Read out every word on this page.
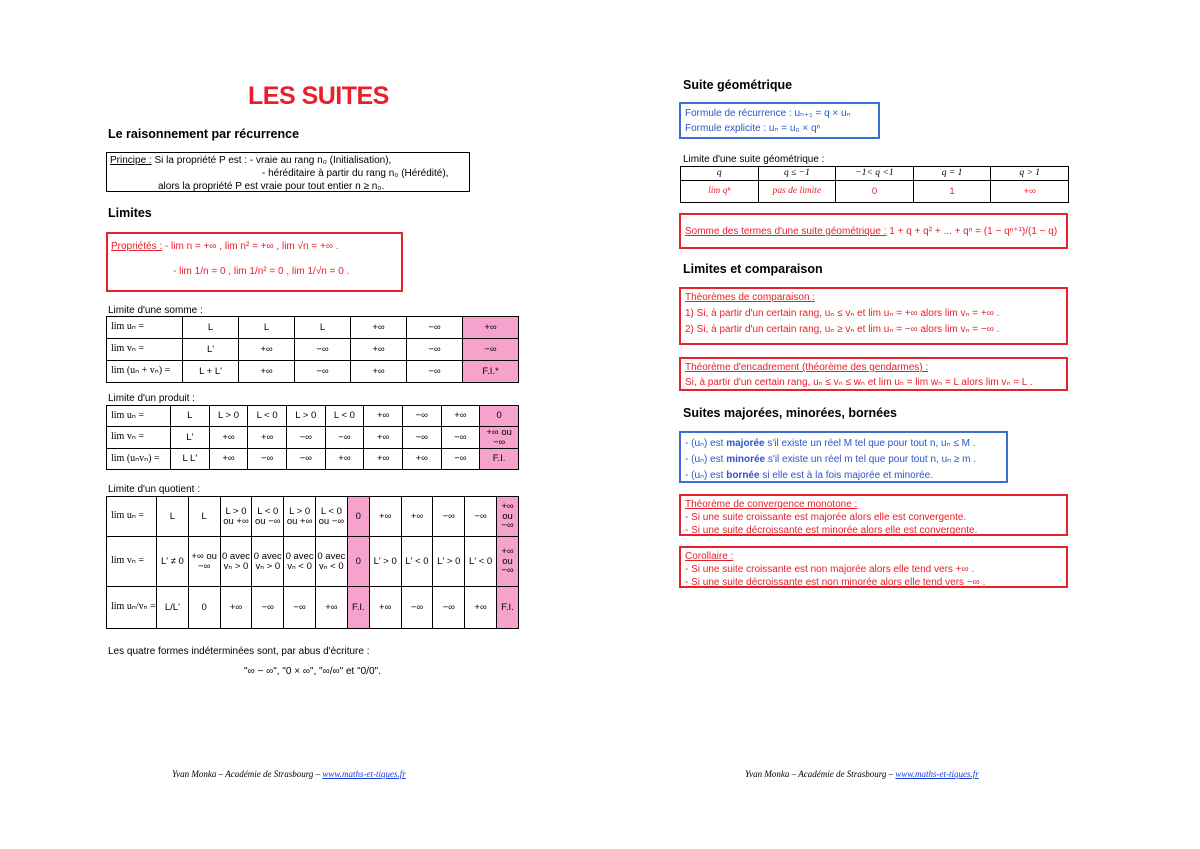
LES SUITES
Le raisonnement par récurrence
Principe : Si la propriété P est : - vraie au rang n₀ (Initialisation),
- héréditaire à partir du rang n₀ (Hérédité),
alors la propriété P est vraie pour tout entier n ≥ n₀.
Limites
Propriétés : - lim n = +∞ , lim n² = +∞ , lim √n = +∞ .
- lim 1/n = 0 , lim 1/n² = 0 , lim 1/√n = 0 .
Limite d'une somme :
lim uₙ =	L	L	L	+∞	−∞	+∞
lim vₙ =	L'	+∞	−∞	+∞	−∞	−∞
lim (uₙ + vₙ) =	L + L'	+∞	−∞	+∞	−∞	F.I.*
Limite d'un produit :
lim uₙ =	L	L > 0	L < 0	L > 0	L < 0	+∞	−∞	+∞	0
lim vₙ =	L'	+∞	+∞	−∞	−∞	+∞	−∞	−∞	+∞ ou −∞
lim (uₙvₙ) =	L L'	+∞	−∞	−∞	+∞	+∞	+∞	−∞	F.I.
Limite d'un quotient :
lim uₙ =	L	L	L > 0 ou +∞	L < 0 ou −∞	L > 0 ou +∞	L < 0 ou −∞	0	+∞	+∞	−∞	−∞	+∞ ou −∞
lim vₙ =	L' ≠ 0	+∞ ou −∞	0 avec vₙ > 0	0 avec vₙ > 0	0 avec vₙ < 0	0 avec vₙ < 0	0	L' > 0	L' < 0	L' > 0	L' < 0	+∞ ou −∞
lim uₙ/vₙ =	L/L'	0	+∞	−∞	−∞	+∞	F.I.	+∞	−∞	−∞	+∞	F.I.
Les quatre formes indéterminées sont, par abus d'écriture :
"∞ − ∞", "0 × ∞", "∞/∞" et "0/0".
Yvan Monka – Académie de Strasbourg – www.maths-et-tiques.fr
Suite géométrique
Formule de récurrence : uₙ₊₁ = q × uₙ
Formule explicite : uₙ = u₀ × qⁿ
Limite d'une suite géométrique :
q	q ≤ −1	−1< q <1	q = 1	q > 1
lim qⁿ	pas de limite	0	1	+∞
Somme des termes d'une suite géométrique : 1 + q + q² + ... + qⁿ = (1 − qⁿ⁺¹)/(1 − q)
Limites et comparaison
Théorèmes de comparaison :
1) Si, à partir d'un certain rang, uₙ ≤ vₙ et lim uₙ = +∞ alors lim vₙ = +∞ .
2) Si, à partir d'un certain rang, uₙ ≥ vₙ et lim uₙ = −∞ alors lim vₙ = −∞ .
Théorème d'encadrement (théorème des gendarmes) :
Si, à partir d'un certain rang, uₙ ≤ vₙ ≤ wₙ et lim uₙ = lim wₙ = L alors lim vₙ = L .
Suites majorées, minorées, bornées
- (uₙ) est majorée s'il existe un réel M tel que pour tout n, uₙ ≤ M .
- (uₙ) est minorée s'il existe un réel m tel que pour tout n, uₙ ≥ m .
- (uₙ) est bornée si elle est à la fois majorée et minorée.
Théorème de convergence monotone :
- Si une suite croissante est majorée alors elle est convergente.
- Si une suite décroissante est minorée alors elle est convergente.
Corollaire :
- Si une suite croissante est non majorée alors elle tend vers +∞ .
- Si une suite décroissante est non minorée alors elle tend vers −∞ .
Yvan Monka – Académie de Strasbourg – www.maths-et-tiques.fr
